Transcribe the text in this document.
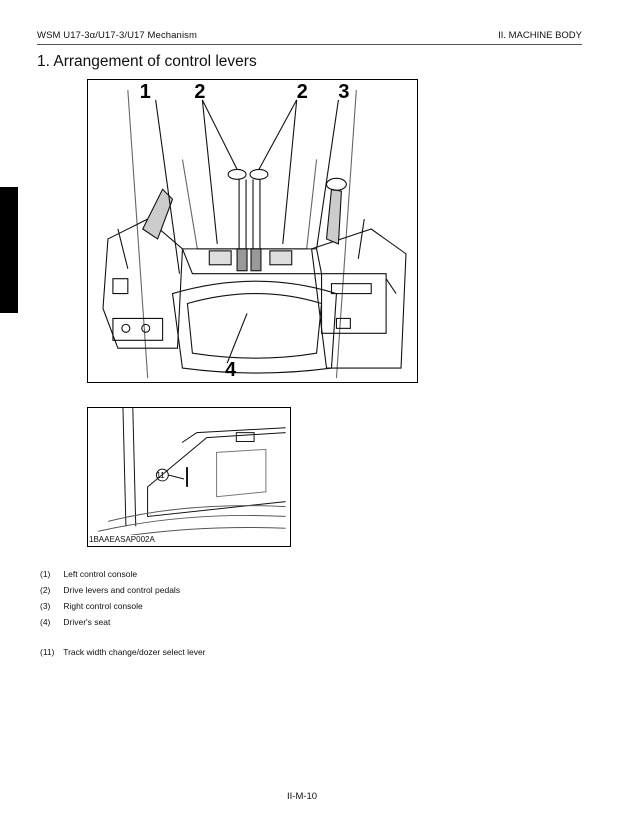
WSM U17-3α/U17-3/U17 Mechanism	II. MACHINE BODY
1. Arrangement of control levers
1 2	2 3
4
11
1BAAEASAP002A
(1) Left control console
(2) Drive levers and control pedals
(3) Right control console
(4) Driver's seat
(11) Track width change/dozer select lever
II-M-10
